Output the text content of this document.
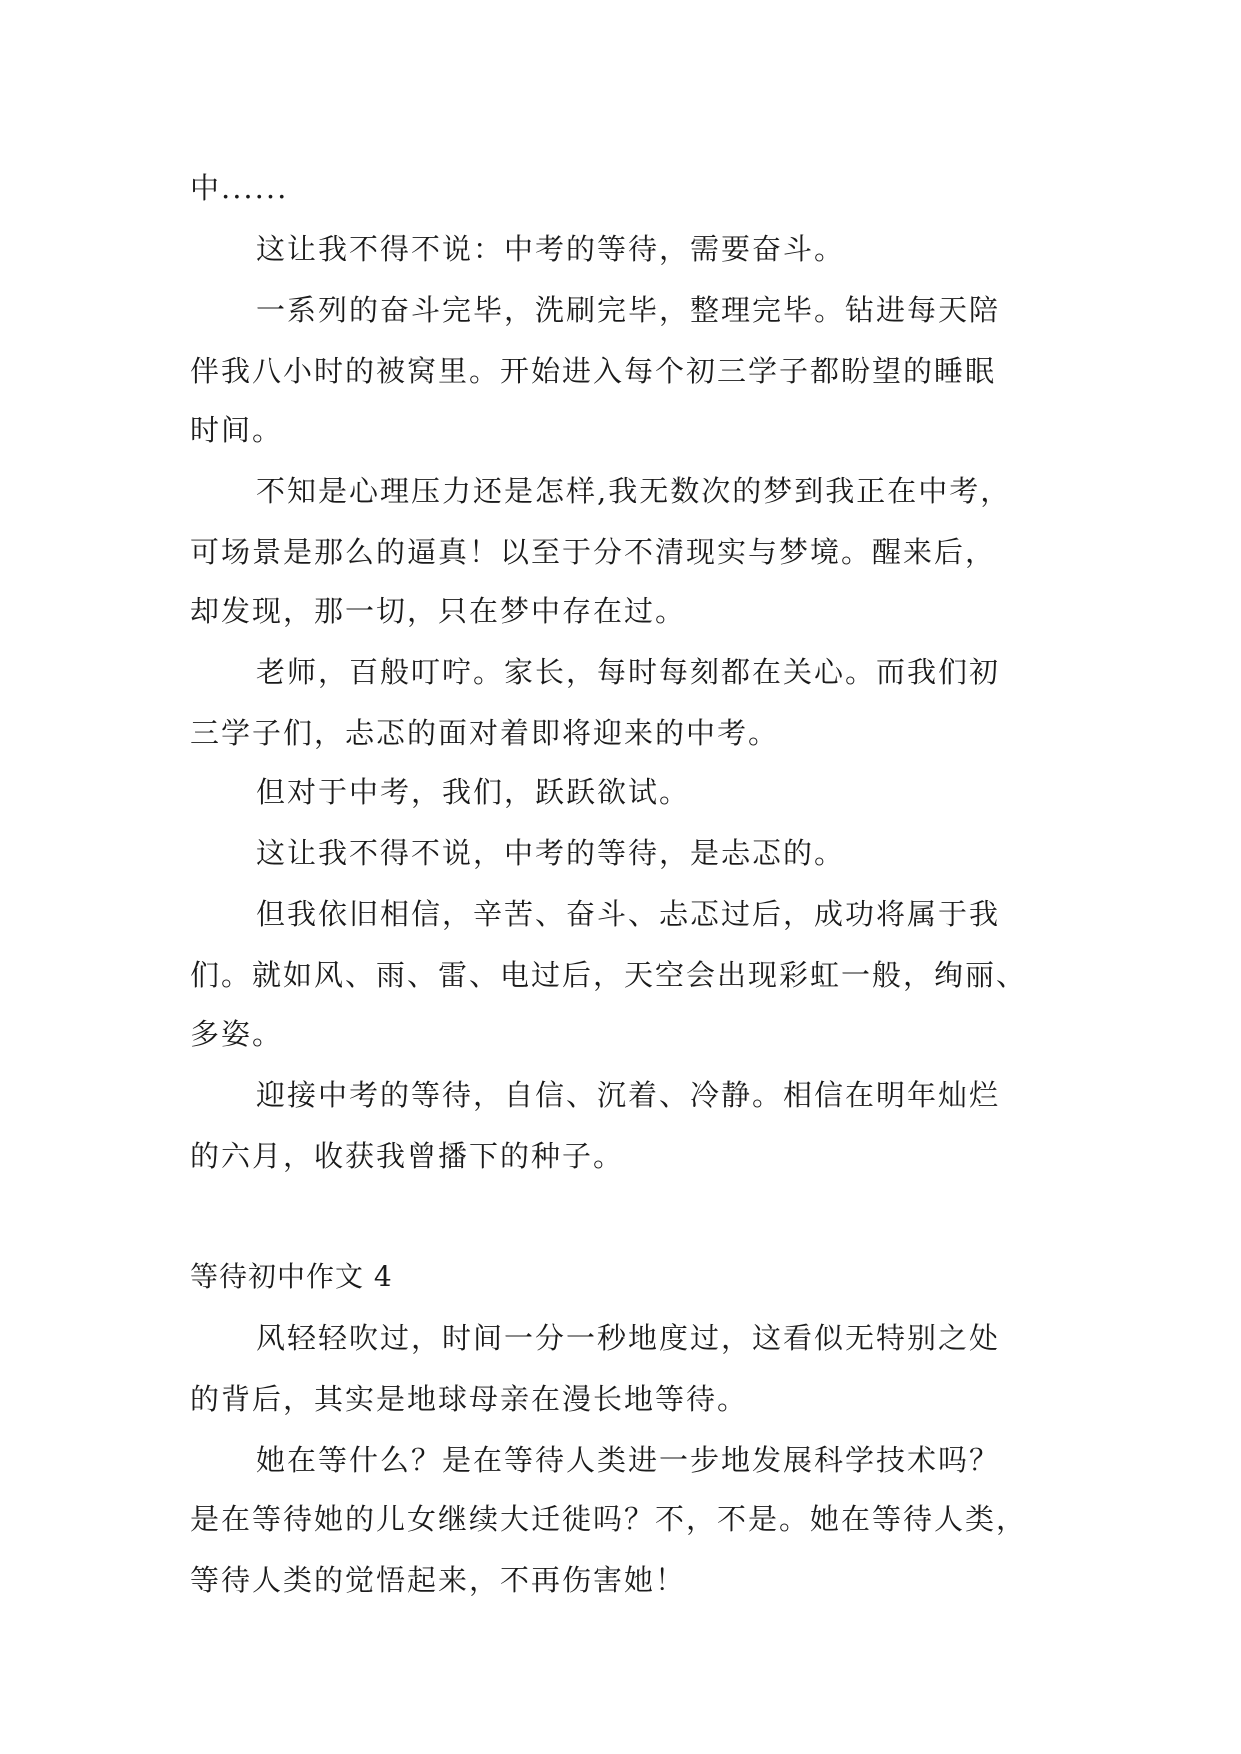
中......
这让我不得不说：中考的等待，需要奋斗。
一系列的奋斗完毕，洗刷完毕，整理完毕。钻进每天陪
伴我八小时的被窝里。开始进入每个初三学子都盼望的睡眠
时间。
不知是心理压力还是怎样,我无数次的梦到我正在中考，
可场景是那么的逼真！以至于分不清现实与梦境。醒来后，
却发现，那一切，只在梦中存在过。
老师，百般叮咛。家长，每时每刻都在关心。而我们初
三学子们，忐忑的面对着即将迎来的中考。
但对于中考，我们，跃跃欲试。
这让我不得不说，中考的等待，是忐忑的。
但我依旧相信，辛苦、奋斗、忐忑过后，成功将属于我
们。就如风、雨、雷、电过后，天空会出现彩虹一般，绚丽、
多姿。
迎接中考的等待，自信、沉着、冷静。相信在明年灿烂
的六月，收获我曾播下的种子。
等待初中作文 4
风轻轻吹过，时间一分一秒地度过，这看似无特别之处
的背后，其实是地球母亲在漫长地等待。
她在等什么？是在等待人类进一步地发展科学技术吗？
是在等待她的儿女继续大迁徙吗？不，不是。她在等待人类，
等待人类的觉悟起来，不再伤害她！
